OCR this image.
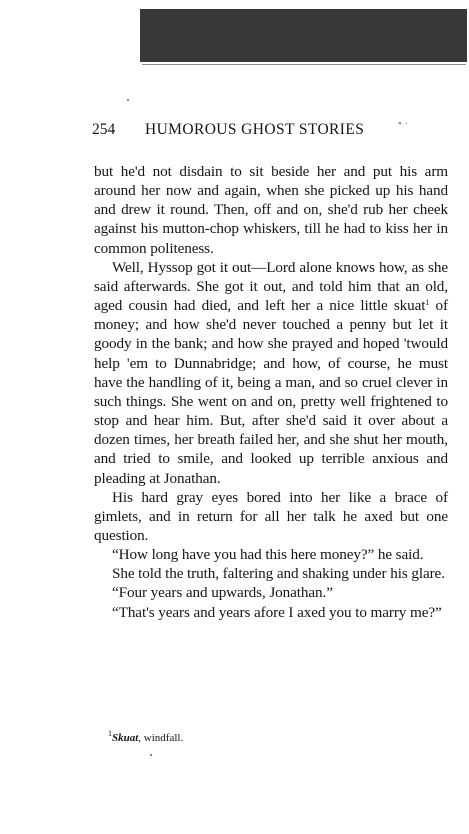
254 HUMOROUS GHOST STORIES	• ·

but he'd not disdain to sit beside her and put his arm around her now and again, when she picked up his hand and drew it round. Then, off and on, she'd rub her cheek against his mutton-chop whiskers, till he had to kiss her in common politeness.

Well, Hyssop got it out—Lord alone knows how, as she said afterwards. She got it out, and told him that an old, aged cousin had died, and left her a nice little skuat$^1$ of money; and how she'd never touched a penny but let it goody in the bank; and how she prayed and hoped 'twould help 'em to Dunnabridge; and how, of course, he must have the handling of it, being a man, and so cruel clever in such things. She went on and on, pretty well frightened to stop and hear him. But, after she'd said it over about a dozen times, her breath failed her, and she shut her mouth, and tried to smile, and looked up terrible anxious and pleading at Jonathan.

His hard gray eyes bored into her like a brace of gimlets, and in return for all her talk he axed but one question.

“How long have you had this here money?” he said.

She told the truth, faltering and shaking under his glare.

“Four years and upwards, Jonathan.”

“That's years and years afore I axed you to marry me?”

$^1$Skuat, windfall.
